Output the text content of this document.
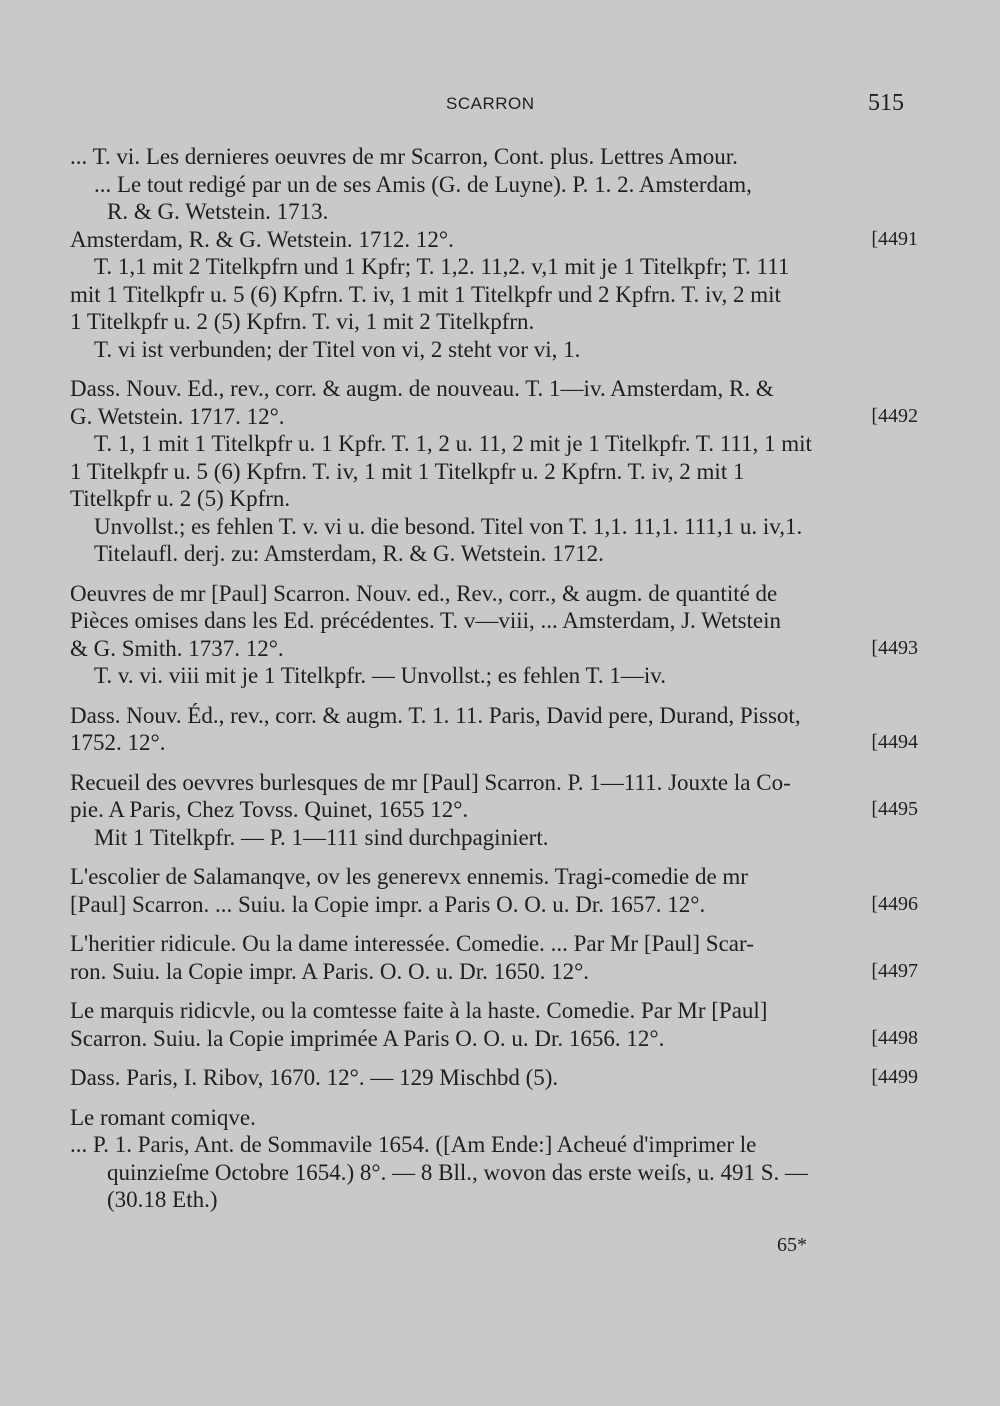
SCARRON	515
... T. vi. Les dernieres oeuvres de mr Scarron, Cont. plus. Lettres Amour.
... Le tout redigé par un de ses Amis (G. de Luyne). P. 1. 2. Amsterdam,
R. & G. Wetstein. 1713.
Amsterdam, R. & G. Wetstein. 1712. 12°.	[4491
T. 1,1 mit 2 Titelkpfrn und 1 Kpfr; T. 1,2. 11,2. v,1 mit je 1 Titelkpfr; T. 111
mit 1 Titelkpfr u. 5 (6) Kpfrn. T. iv, 1 mit 1 Titelkpfr und 2 Kpfrn. T. iv, 2 mit
1 Titelkpfr u. 2 (5) Kpfrn. T. vi, 1 mit 2 Titelkpfrn.
T. vi ist verbunden; der Titel von vi, 2 steht vor vi, 1.
Dass. Nouv. Ed., rev., corr. & augm. de nouveau. T. 1—iv. Amsterdam, R. &
G. Wetstein. 1717. 12°.	[4492
T. 1, 1 mit 1 Titelkpfr u. 1 Kpfr. T. 1, 2 u. 11, 2 mit je 1 Titelkpfr. T. 111, 1 mit
1 Titelkpfr u. 5 (6) Kpfrn. T. iv, 1 mit 1 Titelkpfr u. 2 Kpfrn. T. iv, 2 mit 1
Titelkpfr u. 2 (5) Kpfrn.
Unvollst.; es fehlen T. v. vi u. die besond. Titel von T. 1,1. 11,1. 111,1 u. iv,1.
Titelaufl. derj. zu: Amsterdam, R. & G. Wetstein. 1712.
Oeuvres de mr [Paul] Scarron. Nouv. ed., Rev., corr., & augm. de quantité de
Pièces omises dans les Ed. précédentes. T. v—viii, ... Amsterdam, J. Wetstein
& G. Smith. 1737. 12°.	[4493
T. v. vi. viii mit je 1 Titelkpfr. — Unvollst.; es fehlen T. 1—iv.
Dass. Nouv. Éd., rev., corr. & augm. T. 1. 11. Paris, David pere, Durand, Pissot,
1752. 12°.	[4494
Recueil des oevvres burlesques de mr [Paul] Scarron. P. 1—111. Jouxte la Co-
pie. A Paris, Chez Tovss. Quinet, 1655 12°.	[4495
Mit 1 Titelkpfr. — P. 1—111 sind durchpaginiert.
L'escolier de Salamanqve, ov les generevx ennemis. Tragi-comedie de mr
[Paul] Scarron. ... Suiu. la Copie impr. a Paris O. O. u. Dr. 1657. 12°.	[4496
L'heritier ridicule. Ou la dame interessée. Comedie. ... Par Mr [Paul] Scar-
ron. Suiu. la Copie impr. A Paris. O. O. u. Dr. 1650. 12°.	[4497
Le marquis ridicvle, ou la comtesse faite à la haste. Comedie. Par Mr [Paul]
Scarron. Suiu. la Copie imprimée A Paris O. O. u. Dr. 1656. 12°.	[4498
Dass. Paris, I. Ribov, 1670. 12°. — 129 Mischbd (5).	[4499
Le romant comiqve.
... P. 1. Paris, Ant. de Sommavile 1654. ([Am Ende:] Acheué d'imprimer le
quinzieſme Octobre 1654.) 8°. — 8 Bll., wovon das erste weiſs, u. 491 S. —
(30.18 Eth.)
65*
